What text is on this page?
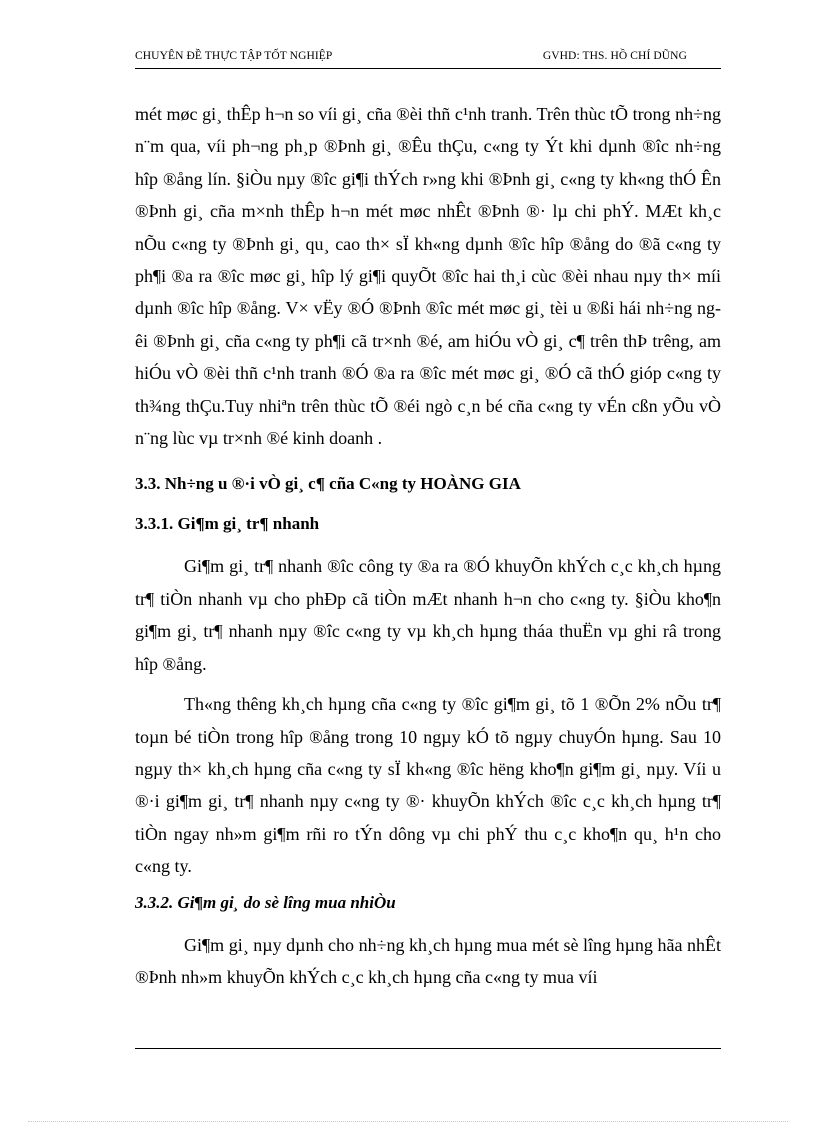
CHUYÊN ĐỀ THỰC TẬP TỐT NGHIỆP	GVHD: THS. HỒ CHÍ DŨNG

mét møc gi¸ thÊp h¬n so víi gi¸ cña ®èi thñ c¹nh tranh. Trên thùc tÕ trong nh÷ng n¨m qua, víi ph¬ng ph¸p ®Þnh gi¸ ®Êu thÇu, c«ng ty Ýt khi dµnh ®îc nh÷ng hîp ®ång lín. §iÒu nµy ®îc gi¶i thÝch r»ng khi ®Þnh gi¸ c«ng ty kh«ng thÓ Ên ®Þnh gi¸ cña m×nh thÊp h¬n mét møc nhÊt ®Þnh ®· lµ chi phÝ. MÆt kh¸c nÕu c«ng ty ®Þnh gi¸ qu¸ cao th× sÏ kh«ng dµnh ®îc hîp ®ång do ®ã c«ng ty ph¶i ®a ra ®îc møc gi¸ hîp lý gi¶i quyÕt ®îc hai th¸i cùc ®èi nhau nµy th× míi dµnh ®îc hîp ®ång. V× vËy ®Ó ®Þnh ®îc mét møc gi¸ tèi u ®ßi hái nh÷ng ngêi ®Þnh gi¸ cña c«ng ty ph¶i cã tr×nh ®é, am hiÓu vÒ gi¸ c¶ trên thÞ trêng, am hiÓu vÒ ®èi thñ c¹nh tranh ®Ó ®a ra ®îc mét møc gi¸ ®Ó cã thÓ gióp c«ng ty th¾ng thÇu.Tuy nhiªn trên thùc tÕ ®éi ngò c¸n bé cña c«ng ty vÉn cßn yÕu vÒ n¨ng lùc vµ tr×nh ®é kinh doanh .

3.3. Nh÷ng u ®·i vÒ gi¸ c¶ cña C«ng ty HOÀNG GIA
3.3.1. Gi¶m gi¸ tr¶ nhanh

Gi¶m gi¸ tr¶ nhanh ®îc công ty ®a ra ®Ó khuyÕn khÝch c¸c kh¸ch hµng tr¶ tiÒn nhanh vµ cho phÐp cã tiÒn mÆt nhanh h¬n cho c«ng ty. §iÒu kho¶n gi¶m gi¸ tr¶ nhanh nµy ®îc c«ng ty vµ kh¸ch hµng tháa thuËn vµ ghi râ trong hîp ®ång.

Th«ng thêng kh¸ch hµng cña c«ng ty ®îc gi¶m gi¸ tõ 1 ®Õn 2% nÕu tr¶ toµn bé tiÒn trong hîp ®ång trong 10 ngµy kÓ tõ ngµy chuyÓn hµng. Sau 10 ngµy th× kh¸ch hµng cña c«ng ty sÏ kh«ng ®îc hëng kho¶n gi¶m gi¸ nµy. Víi u ®·i gi¶m gi¸ tr¶ nhanh nµy c«ng ty ®· khuyÕn khÝch ®îc c¸c kh¸ch hµng tr¶ tiÒn ngay nh»m gi¶m rñi ro tÝn dông vµ chi phÝ thu c¸c kho¶n qu¸ h¹n cho c«ng ty.

3.3.2. Gi¶m gi¸ do sè lîng mua nhiÒu

Gi¶m gi¸ nµy dµnh cho nh÷ng kh¸ch hµng mua mét sè lîng hµng hãa nhÊt ®Þnh nh»m khuyÕn khÝch c¸c kh¸ch hµng cña c«ng ty mua víi
